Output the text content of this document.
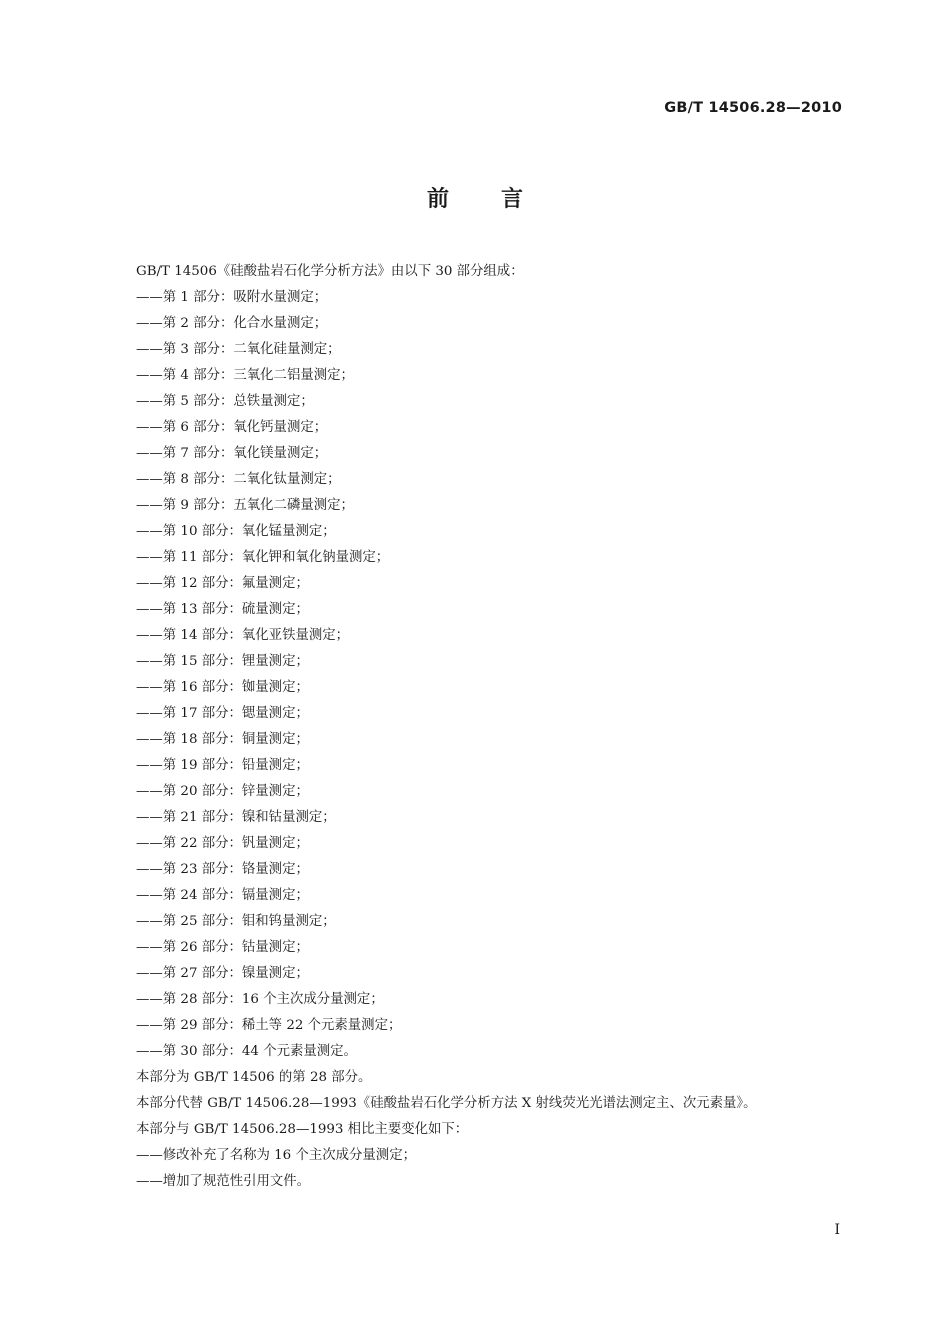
GB/T 14506.28—2010
前 言
GB/T 14506《硅酸盐岩石化学分析方法》由以下 30 部分组成：
——第 1 部分：吸附水量测定；
——第 2 部分：化合水量测定；
——第 3 部分：二氧化硅量测定；
——第 4 部分：三氧化二铝量测定；
——第 5 部分：总铁量测定；
——第 6 部分：氧化钙量测定；
——第 7 部分：氧化镁量测定；
——第 8 部分：二氧化钛量测定；
——第 9 部分：五氧化二磷量测定；
——第 10 部分：氧化锰量测定；
——第 11 部分：氧化钾和氧化钠量测定；
——第 12 部分：氟量测定；
——第 13 部分：硫量测定；
——第 14 部分：氧化亚铁量测定；
——第 15 部分：锂量测定；
——第 16 部分：铷量测定；
——第 17 部分：锶量测定；
——第 18 部分：铜量测定；
——第 19 部分：铅量测定；
——第 20 部分：锌量测定；
——第 21 部分：镍和钴量测定；
——第 22 部分：钒量测定；
——第 23 部分：铬量测定；
——第 24 部分：镉量测定；
——第 25 部分：钼和钨量测定；
——第 26 部分：钴量测定；
——第 27 部分：镍量测定；
——第 28 部分：16 个主次成分量测定；
——第 29 部分：稀土等 22 个元素量测定；
——第 30 部分：44 个元素量测定。
本部分为 GB/T 14506 的第 28 部分。
本部分代替 GB/T 14506.28—1993《硅酸盐岩石化学分析方法 X 射线荧光光谱法测定主、次元素量》。
本部分与 GB/T 14506.28—1993 相比主要变化如下：
——修改补充了名称为 16 个主次成分量测定；
——增加了规范性引用文件。
I
